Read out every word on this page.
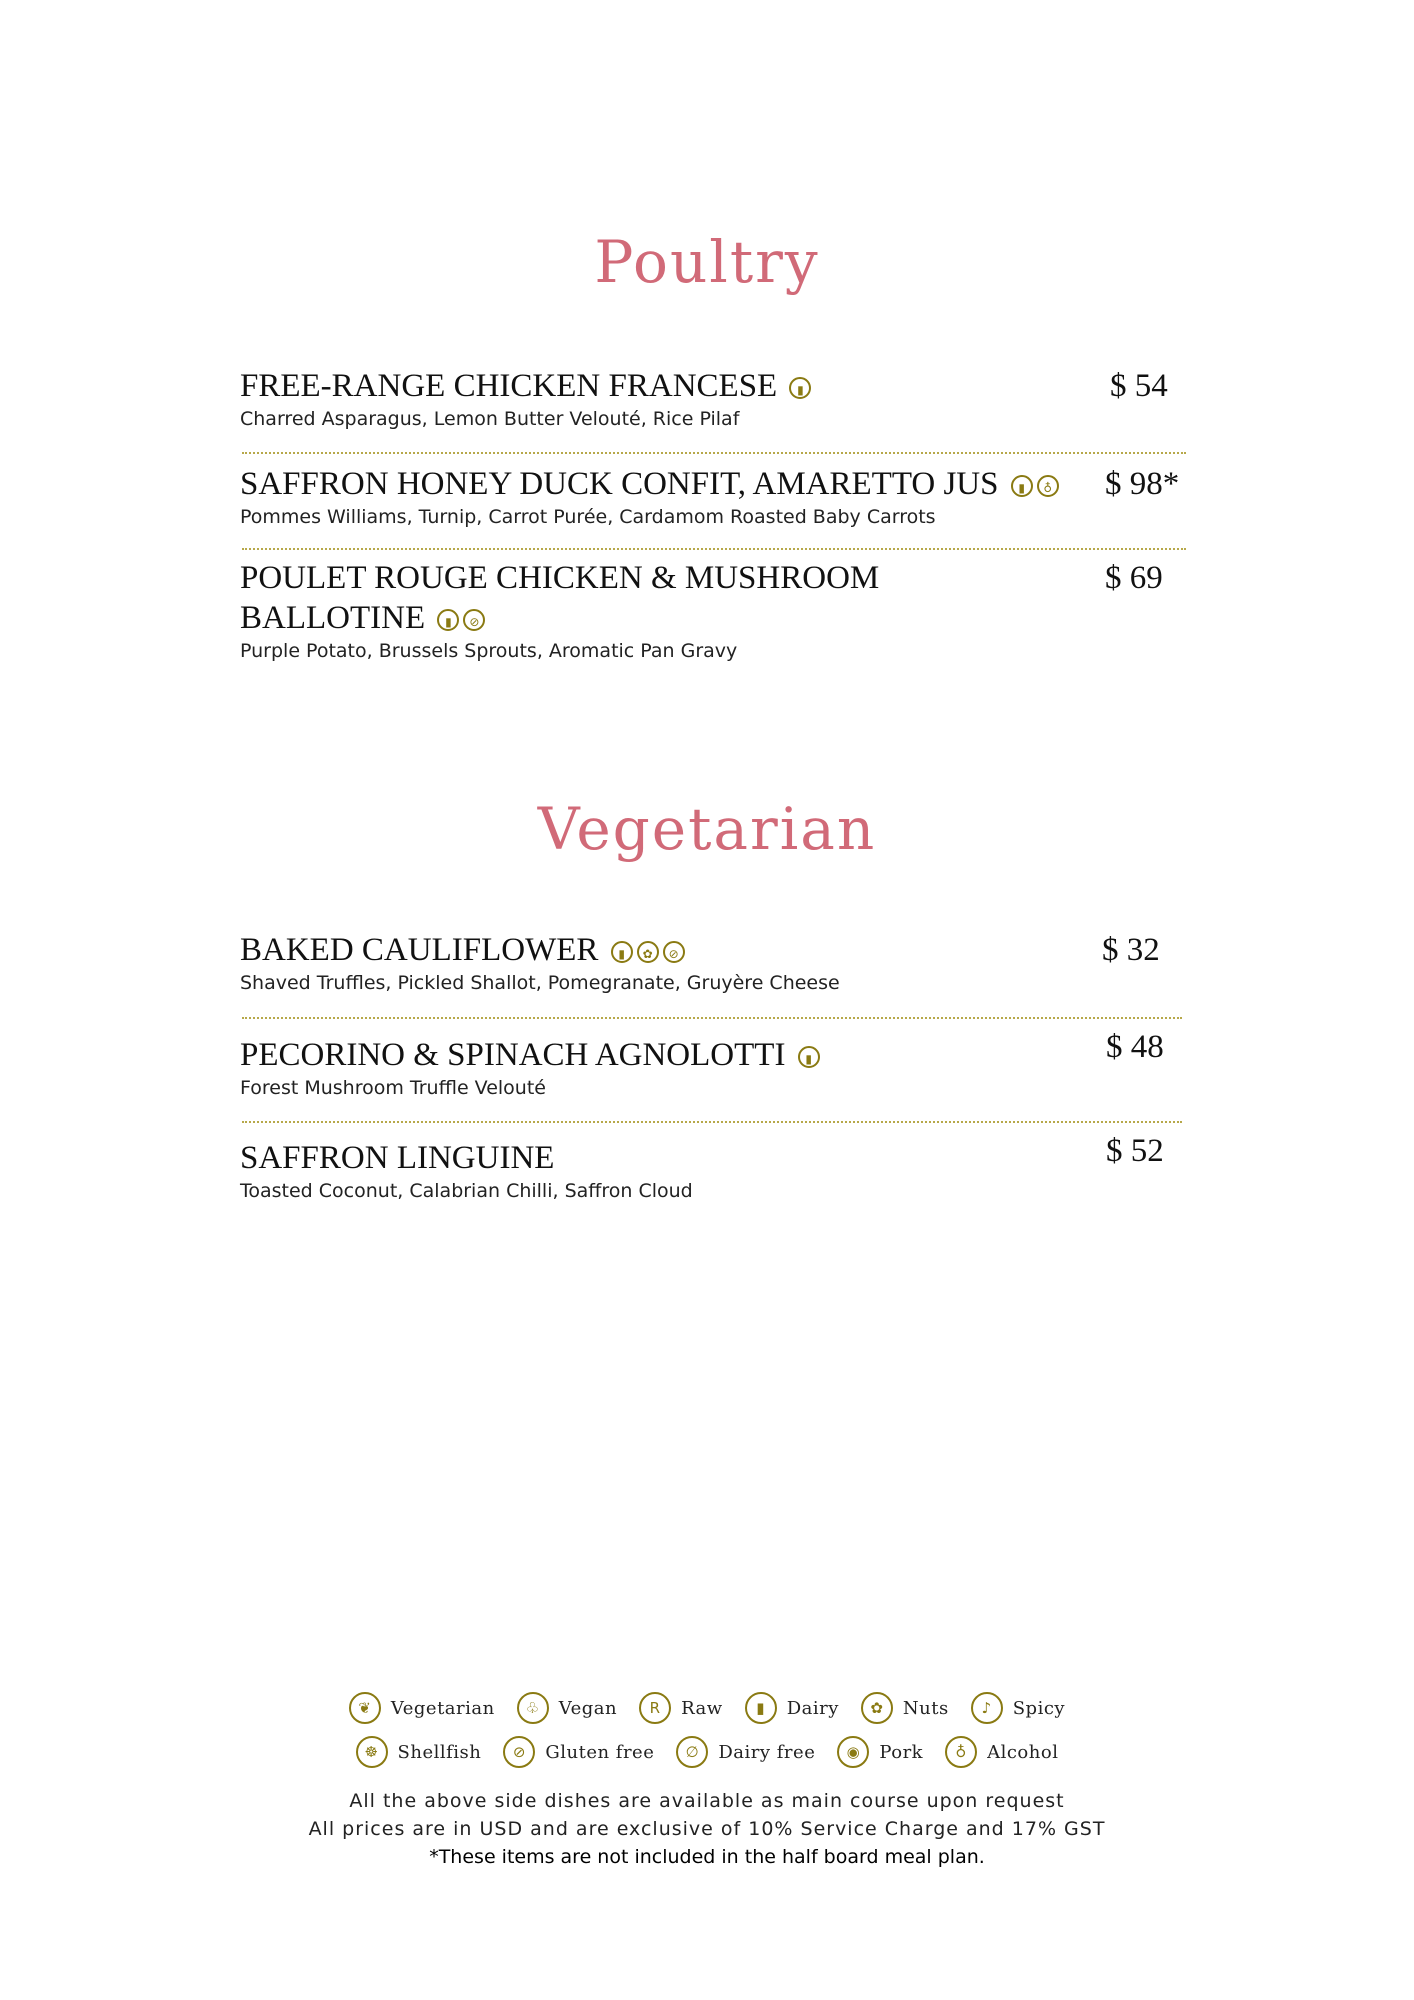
Poultry
FREE-RANGE CHICKEN FRANCESE ▮
Charred Asparagus, Lemon Butter Velouté, Rice Pilaf
$ 54
SAFFRON HONEY DUCK CONFIT, AMARETTO JUS ▮ ♁
Pommes Williams, Turnip, Carrot Purée, Cardamom Roasted Baby Carrots
$ 98*
POULET ROUGE CHICKEN & MUSHROOM BALLOTINE ▮ ⊘
Purple Potato, Brussels Sprouts, Aromatic Pan Gravy
$ 69
Vegetarian
BAKED CAULIFLOWER ▮ ✿ ⊘
Shaved Truffles, Pickled Shallot, Pomegranate, Gruyère Cheese
$ 32
PECORINO & SPINACH AGNOLOTTI ▮
Forest Mushroom Truffle Velouté
$ 48
SAFFRON LINGUINE
Toasted Coconut, Calabrian Chilli, Saffron Cloud
$ 52
❦	Vegetarian	♧	Vegan	R	Raw	▮	Dairy	✿	Nuts	♪	Spicy
☸	Shellfish	⊘	Gluten free	∅	Dairy free	◉	Pork	♁	Alcohol
All the above side dishes are available as main course upon request
All prices are in USD and are exclusive of 10% Service Charge and 17% GST
*These items are not included in the half board meal plan.
